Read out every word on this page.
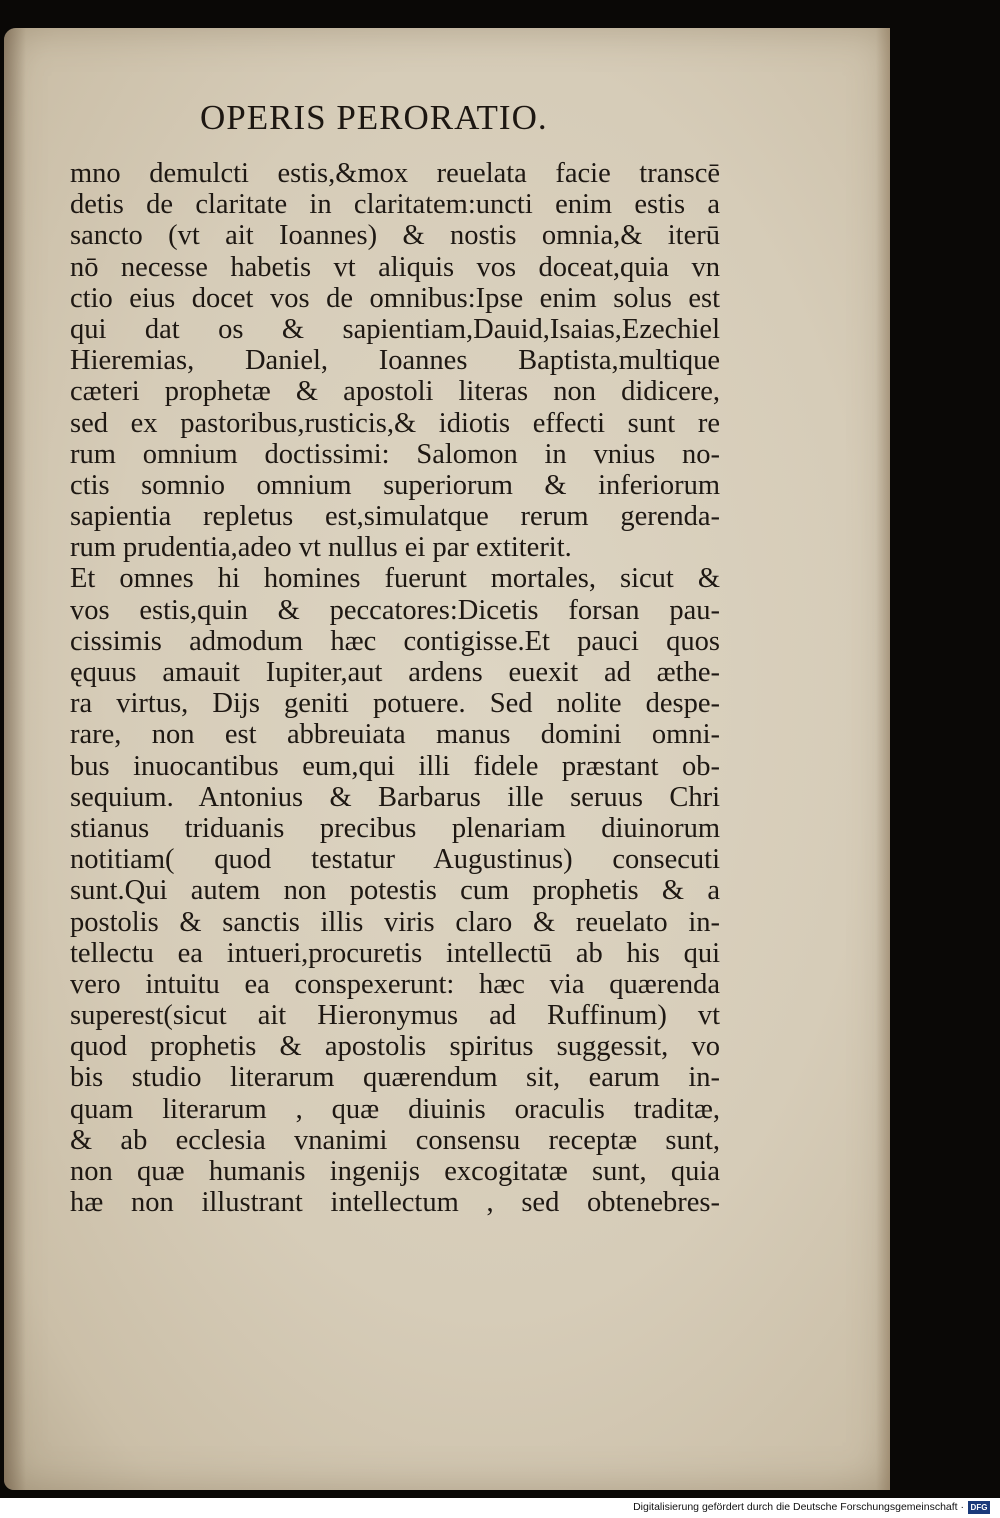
OPERIS PERORATIO.
mno demulcti estis,&mox reuelata facie transcē
detis de claritate in claritatem:uncti enim estis a
sancto (vt ait Ioannes) & nostis omnia,& iterū
nō necesse habetis vt aliquis vos doceat,quia vn
ctio eius docet vos de omnibus:Ipse enim solus est
qui dat os & sapientiam,Dauid,Isaias,Ezechiel
Hieremias, Daniel, Ioannes Baptista,multique
cæteri prophetæ & apostoli literas non didicere,
sed ex pastoribus,rusticis,& idiotis effecti sunt re
rum omnium doctissimi: Salomon in vnius no-
ctis somnio omnium superiorum & inferiorum
sapientia repletus est,simulatque rerum gerenda-
rum prudentia,adeo vt nullus ei par extiterit.
Et omnes hi homines fuerunt mortales, sicut &
vos estis,quin & peccatores:Dicetis forsan pau-
cissimis admodum hæc contigisse.Et pauci quos
ęquus amauit Iupiter,aut ardens euexit ad æthe-
ra virtus, Dijs geniti potuere. Sed nolite despe-
rare, non est abbreuiata manus domini omni-
bus inuocantibus eum,qui illi fidele præstant ob-
sequium. Antonius & Barbarus ille seruus Chri
stianus triduanis precibus plenariam diuinorum
notitiam( quod testatur Augustinus) consecuti
sunt.Qui autem non potestis cum prophetis & a
postolis & sanctis illis viris claro & reuelato in-
tellectu ea intueri,procuretis intellectū ab his qui
vero intuitu ea conspexerunt: hæc via quærenda
superest(sicut ait Hieronymus ad Ruffinum) vt
quod prophetis & apostolis spiritus suggessit, vo
bis studio literarum quærendum sit, earum in-
quam literarum , quæ diuinis oraculis traditæ,
& ab ecclesia vnanimi consensu receptæ sunt,
non quæ humanis ingenijs excogitatæ sunt, quia
hæ non illustrant intellectum , sed obtenebres-
Digitalisierung gefördert durch die Deutsche Forschungsgemeinschaft · DFG
